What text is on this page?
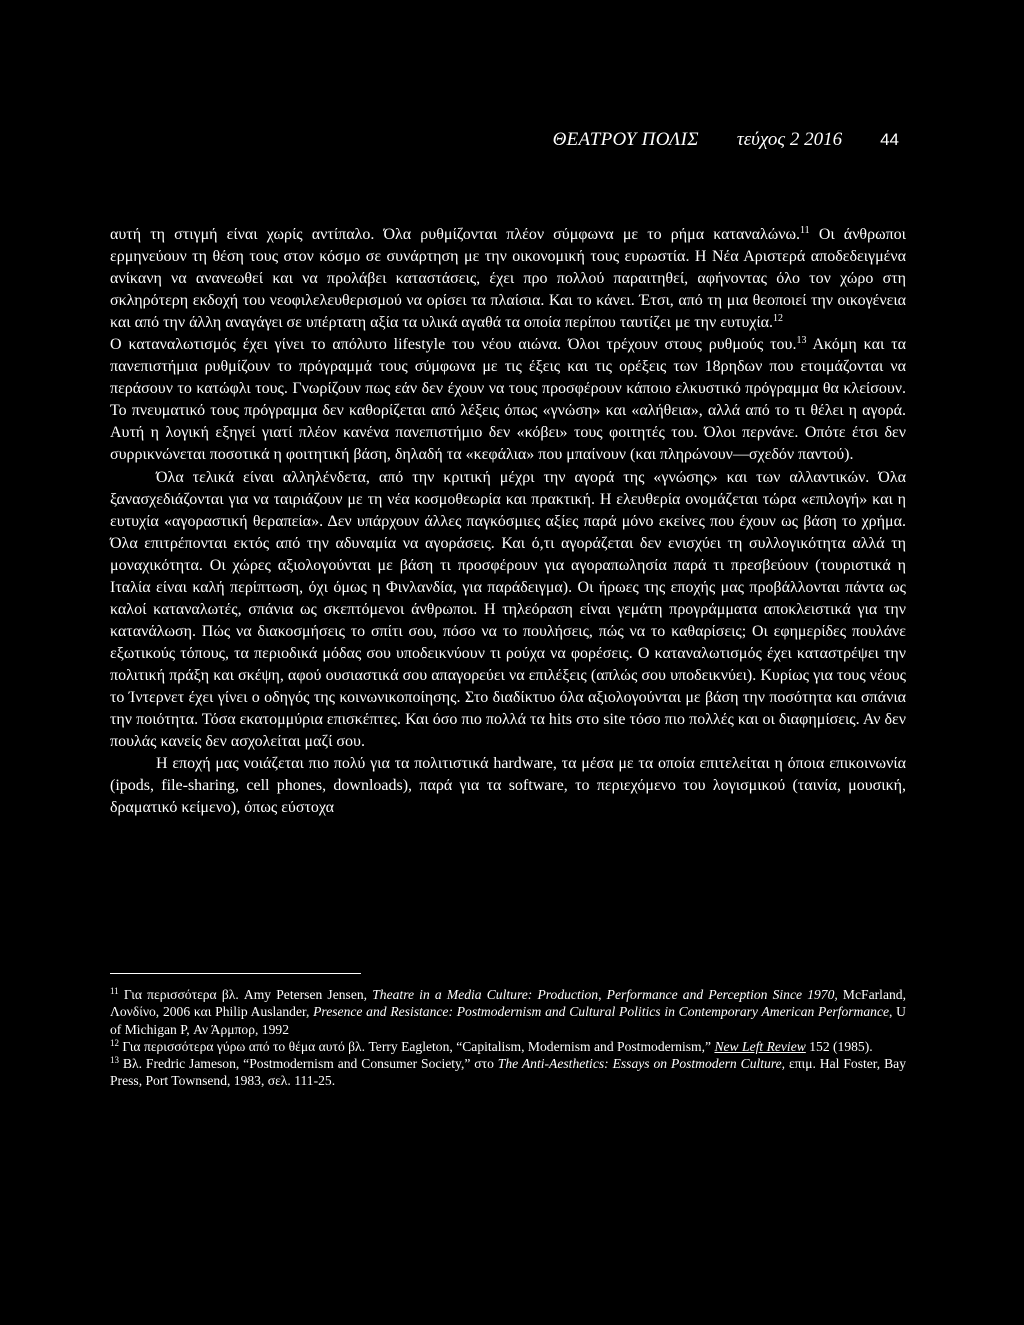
ΘΕΑΤΡΟΥ ΠΟΛΙΣ τεύχος 2 2016 44

αυτή τη στιγμή είναι χωρίς αντίπαλο. Όλα ρυθμίζονται πλέον σύμφωνα με το ρήμα καταναλώνω.$^{11}$ Οι άνθρωποι ερμηνεύουν τη θέση τους στον κόσμο σε συνάρτηση με την οικονομική τους ευρωστία. Η Νέα Αριστερά αποδεδειγμένα ανίκανη να ανανεωθεί και να προλάβει καταστάσεις, έχει προ πολλού παραιτηθεί, αφήνοντας όλο τον χώρο στη σκληρότερη εκδοχή του νεοφιλελευθερισμού να ορίσει τα πλαίσια. Και το κάνει. Έτσι, από τη μια θεοποιεί την οικογένεια και από την άλλη αναγάγει σε υπέρτατη αξία τα υλικά αγαθά τα οποία περίπου ταυτίζει με την ευτυχία.$^{12}$

Ο καταναλωτισμός έχει γίνει το απόλυτο lifestyle του νέου αιώνα. Όλοι τρέχουν στους ρυθμούς του.$^{13}$ Ακόμη και τα πανεπιστήμια ρυθμίζουν το πρόγραμμά τους σύμφωνα με τις έξεις και τις ορέξεις των 18ρηδων που ετοιμάζονται να περάσουν το κατώφλι τους. Γνωρίζουν πως εάν δεν έχουν να τους προσφέρουν κάποιο ελκυστικό πρόγραμμα θα κλείσουν. Το πνευματικό τους πρόγραμμα δεν καθορίζεται από λέξεις όπως «γνώση» και «αλήθεια», αλλά από το τι θέλει η αγορά. Αυτή η λογική εξηγεί γιατί πλέον κανένα πανεπιστήμιο δεν «κόβει» τους φοιτητές του. Όλοι περνάνε. Οπότε έτσι δεν συρρικνώνεται ποσοτικά η φοιτητική βάση, δηλαδή τα «κεφάλια» που μπαίνουν (και πληρώνουν—σχεδόν παντού).

Όλα τελικά είναι αλληλένδετα, από την κριτική μέχρι την αγορά της «γνώσης» και των αλλαντικών. Όλα ξανασχεδιάζονται για να ταιριάζουν με τη νέα κοσμοθεωρία και πρακτική. Η ελευθερία ονομάζεται τώρα «επιλογή» και η ευτυχία «αγοραστική θεραπεία». Δεν υπάρχουν άλλες παγκόσμιες αξίες παρά μόνο εκείνες που έχουν ως βάση το χρήμα. Όλα επιτρέπονται εκτός από την αδυναμία να αγοράσεις. Και ό,τι αγοράζεται δεν ενισχύει τη συλλογικότητα αλλά τη μοναχικότητα. Οι χώρες αξιολογούνται με βάση τι προσφέρουν για αγοραπωλησία παρά τι πρεσβεύουν (τουριστικά η Ιταλία είναι καλή περίπτωση, όχι όμως η Φινλανδία, για παράδειγμα). Οι ήρωες της εποχής μας προβάλλονται πάντα ως καλοί καταναλωτές, σπάνια ως σκεπτόμενοι άνθρωποι. Η τηλεόραση είναι γεμάτη προγράμματα αποκλειστικά για την κατανάλωση. Πώς να διακοσμήσεις το σπίτι σου, πόσο να το πουλήσεις, πώς να το καθαρίσεις; Οι εφημερίδες πουλάνε εξωτικούς τόπους, τα περιοδικά μόδας σου υποδεικνύουν τι ρούχα να φορέσεις. Ο καταναλωτισμός έχει καταστρέψει την πολιτική πράξη και σκέψη, αφού ουσιαστικά σου απαγορεύει να επιλέξεις (απλώς σου υποδεικνύει). Κυρίως για τους νέους το Ίντερνετ έχει γίνει ο οδηγός της κοινωνικοποίησης. Στο διαδίκτυο όλα αξιολογούνται με βάση την ποσότητα και σπάνια την ποιότητα. Τόσα εκατομμύρια επισκέπτες. Και όσο πιο πολλά τα hits στο site τόσο πιο πολλές και οι διαφημίσεις. Αν δεν πουλάς κανείς δεν ασχολείται μαζί σου.

Η εποχή μας νοιάζεται πιο πολύ για τα πολιτιστικά hardware, τα μέσα με τα οποία επιτελείται η όποια επικοινωνία (ipods, file-sharing, cell phones, downloads), παρά για τα software, το περιεχόμενο του λογισμικού (ταινία, μουσική, δραματικό κείμενο), όπως εύστοχα

$^{11}$ Για περισσότερα βλ. Amy Petersen Jensen, Theatre in a Media Culture: Production, Performance and Perception Since 1970, McFarland, Λονδίνο, 2006 και Philip Auslander, Presence and Resistance: Postmodernism and Cultural Politics in Contemporary American Performance, U of Michigan P, Αν Άρμπορ, 1992

$^{12}$ Για περισσότερα γύρω από το θέμα αυτό βλ. Terry Eagleton, “Capitalism, Modernism and Postmodernism,” New Left Review 152 (1985).

$^{13}$ Βλ. Fredric Jameson, “Postmodernism and Consumer Society,” στο The Anti-Aesthetics: Essays on Postmodern Culture, επιμ. Hal Foster, Bay Press, Port Townsend, 1983, σελ. 111-25.
